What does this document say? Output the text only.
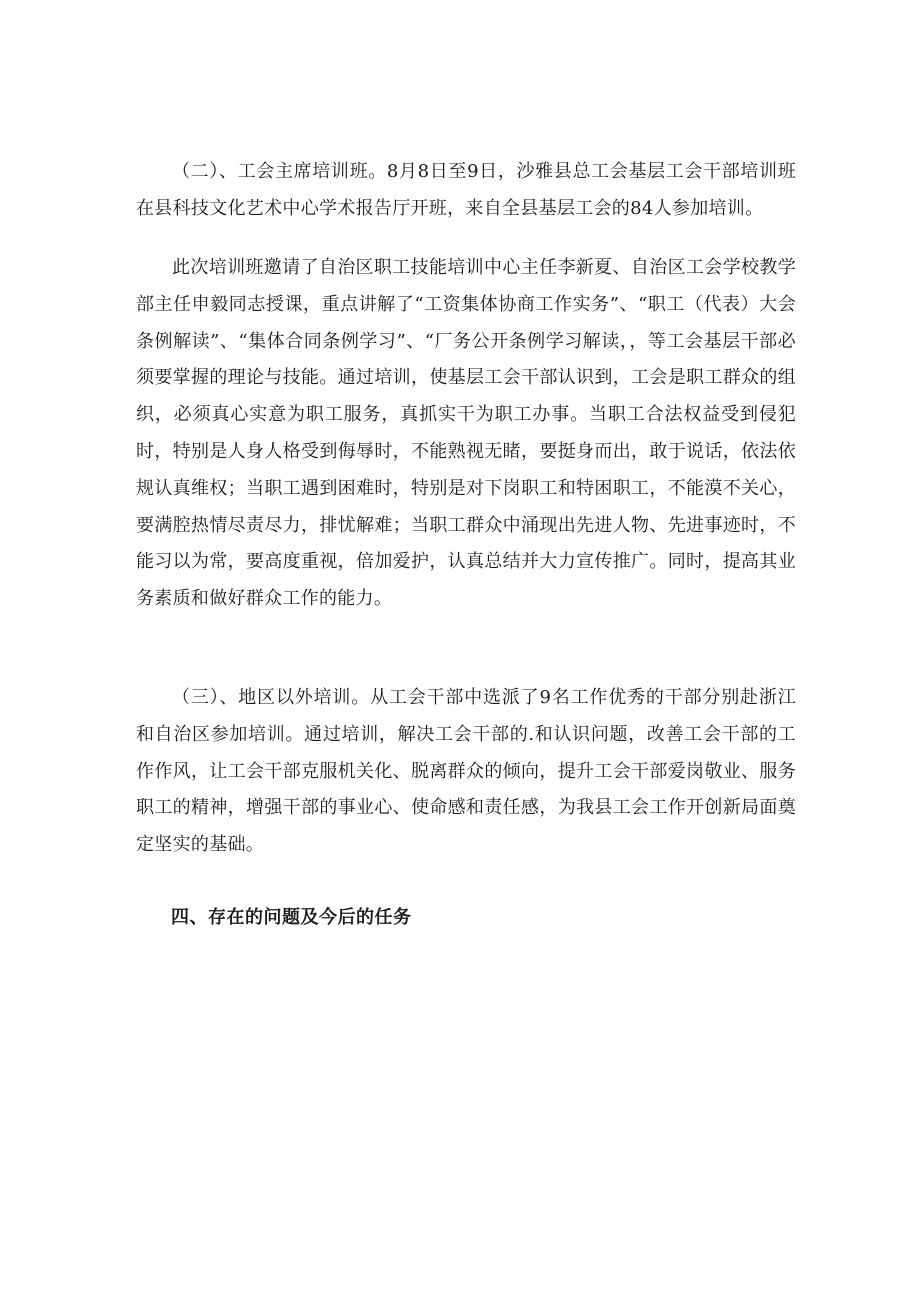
（二）、工会主席培训班。8月8日至9日，沙雅县总工会基层工会干部培训班在县科技文化艺术中心学术报告厅开班，来自全县基层工会的84人参加培训。

此次培训班邀请了自治区职工技能培训中心主任李新夏、自治区工会学校教学部主任申毅同志授课，重点讲解了“工资集体协商工作实务”、“职工（代表）大会条例解读”、“集体合同条例学习”、“厂务公开条例学习解读，，等工会基层干部必须要掌握的理论与技能。通过培训，使基层工会干部认识到，工会是职工群众的组织，必须真心实意为职工服务，真抓实干为职工办事。当职工合法权益受到侵犯时，特别是人身人格受到侮辱时，不能熟视无睹，要挺身而出，敢于说话，依法依规认真维权；当职工遇到困难时，特别是对下岗职工和特困职工，不能漠不关心，要满腔热情尽责尽力，排忧解难；当职工群众中涌现出先进人物、先进事迹时，不能习以为常，要高度重视，倍加爱护，认真总结并大力宣传推广。同时，提高其业务素质和做好群众工作的能力。

（三）、地区以外培训。从工会干部中选派了9名工作优秀的干部分别赴浙江和自治区参加培训。通过培训，解决工会干部的.和认识问题，改善工会干部的工作作风，让工会干部克服机关化、脱离群众的倾向，提升工会干部爱岗敬业、服务职工的精神，增强干部的事业心、使命感和责任感，为我县工会工作开创新局面奠定坚实的基础。

四、存在的问题及今后的任务
